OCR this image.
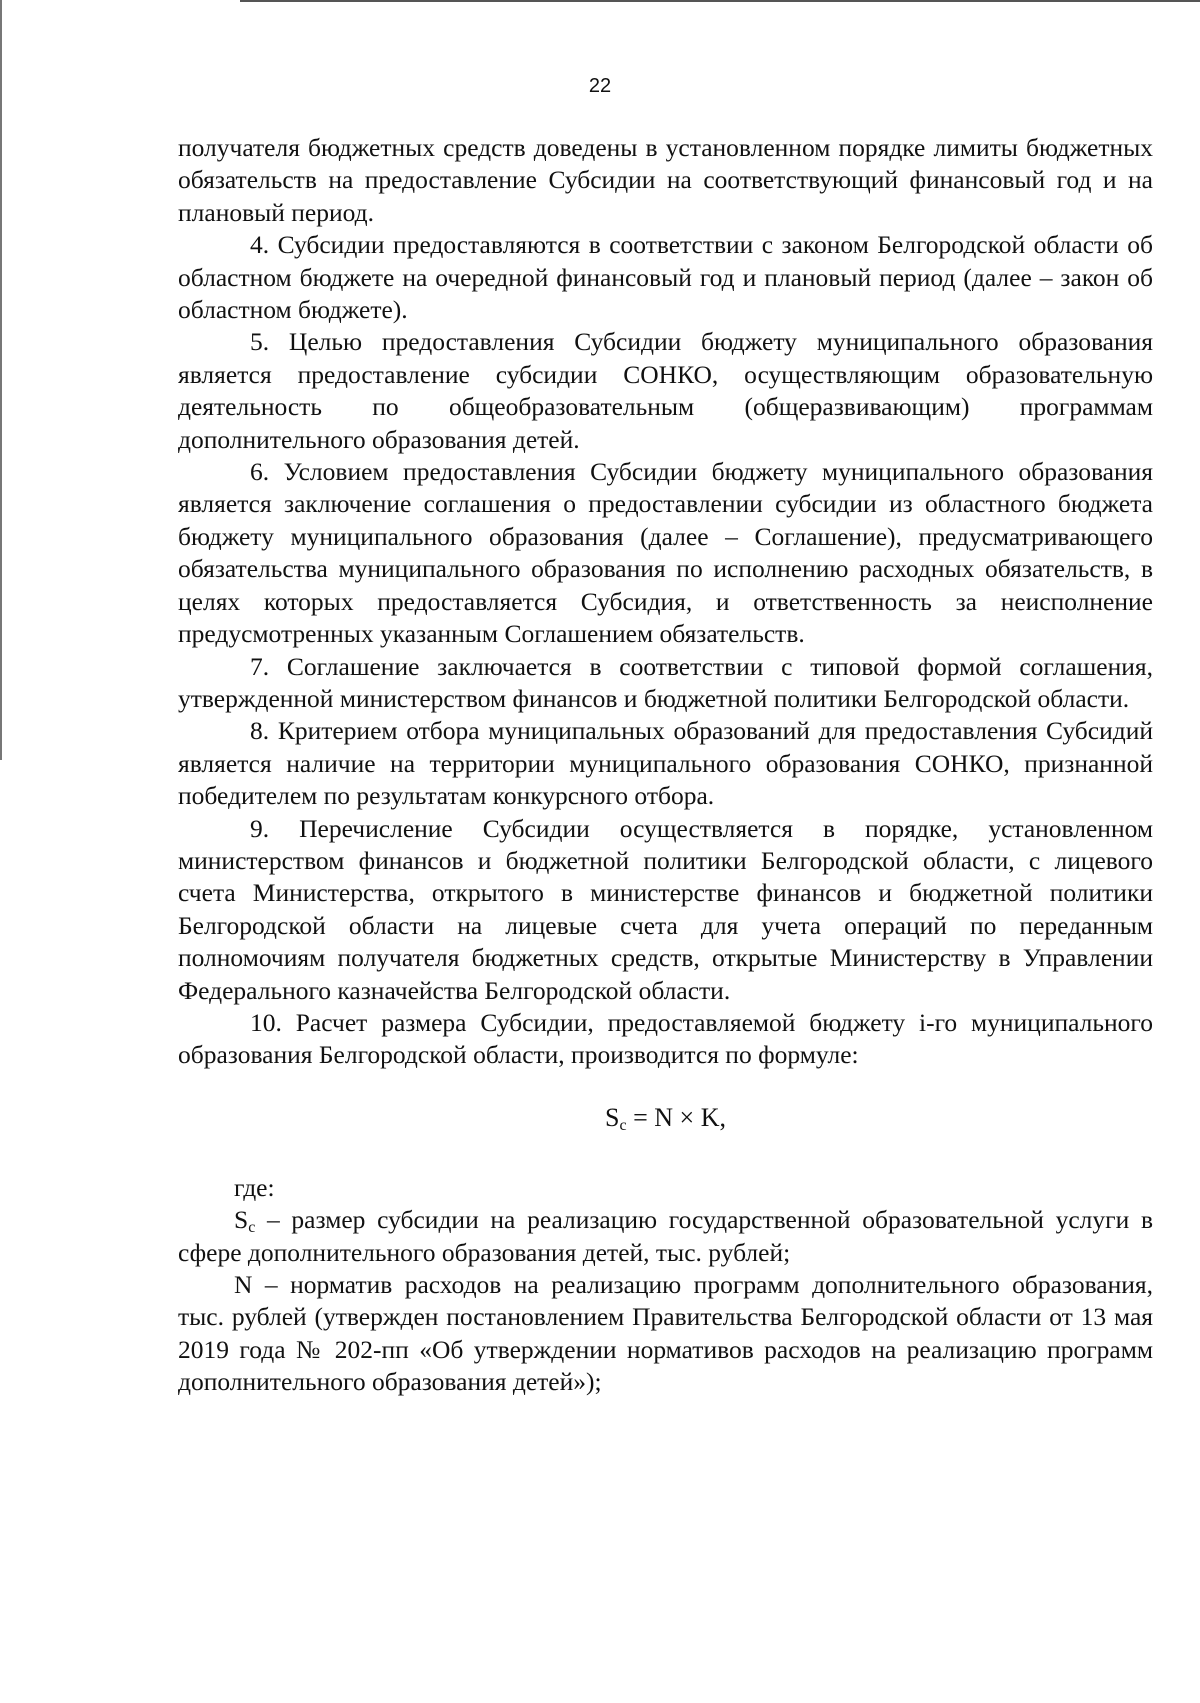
22

получателя бюджетных средств доведены в установленном порядке лимиты бюджетных обязательств на предоставление Субсидии на соответствующий финансовый год и на плановый период.

4. Субсидии предоставляются в соответствии с законом Белгородской области об областном бюджете на очередной финансовый год и плановый период (далее – закон об областном бюджете).

5. Целью предоставления Субсидии бюджету муниципального образования является предоставление субсидии СОНКО, осуществляющим образовательную деятельность по общеобразовательным (общеразвивающим) программам дополнительного образования детей.

6. Условием предоставления Субсидии бюджету муниципального образования является заключение соглашения о предоставлении субсидии из областного бюджета бюджету муниципального образования (далее – Соглашение), предусматривающего обязательства муниципального образования по исполнению расходных обязательств, в целях которых предоставляется Субсидия, и ответственность за неисполнение предусмотренных указанным Соглашением обязательств.

7. Соглашение заключается в соответствии с типовой формой соглашения, утвержденной министерством финансов и бюджетной политики Белгородской области.

8. Критерием отбора муниципальных образований для предоставления Субсидий является наличие на территории муниципального образования СОНКО, признанной победителем по результатам конкурсного отбора.

9. Перечисление Субсидии осуществляется в порядке, установленном министерством финансов и бюджетной политики Белгородской области, с лицевого счета Министерства, открытого в министерстве финансов и бюджетной политики Белгородской области на лицевые счета для учета операций по переданным полномочиям получателя бюджетных средств, открытые Министерству в Управлении Федерального казначейства Белгородской области.

10. Расчет размера Субсидии, предоставляемой бюджету i-го муниципального образования Белгородской области, производится по формуле:

$S_c = N \times K$,

где:

$S_c$ – размер субсидии на реализацию государственной образовательной услуги в сфере дополнительного образования детей, тыс. рублей;

N – норматив расходов на реализацию программ дополнительного образования, тыс. рублей (утвержден постановлением Правительства Белгородской области от 13 мая 2019 года № 202-пп «Об утверждении нормативов расходов на реализацию программ дополнительного образования детей»);
